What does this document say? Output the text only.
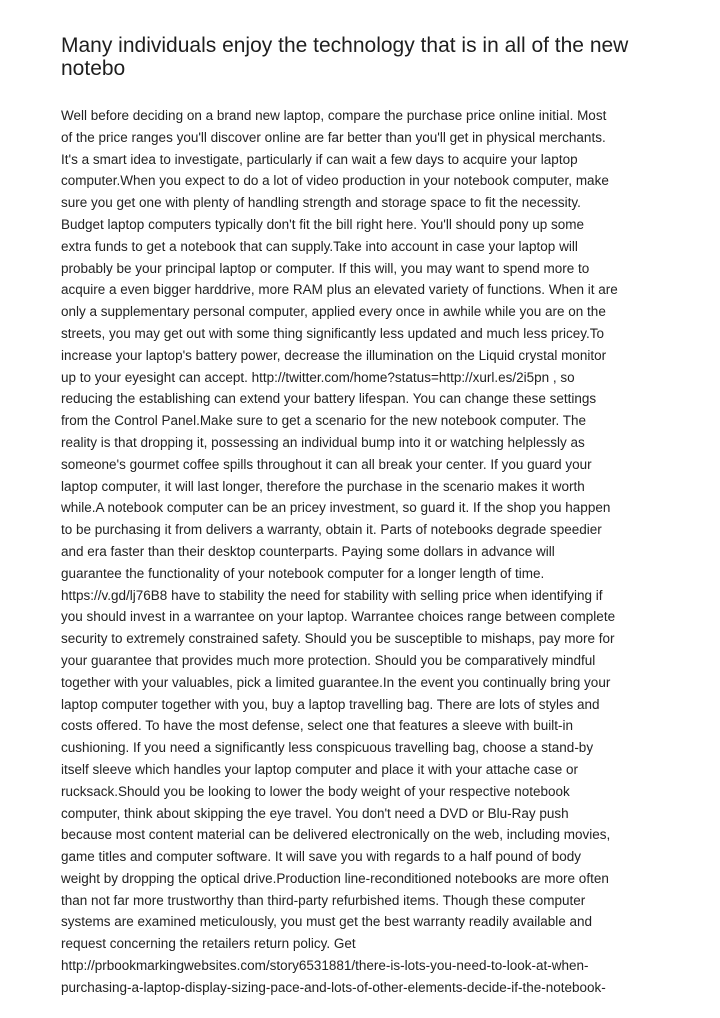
Many individuals enjoy the technology that is in all of the new notebo
Well before deciding on a brand new laptop, compare the purchase price online initial. Most
of the price ranges you'll discover online are far better than you'll get in physical merchants.
It's a smart idea to investigate, particularly if can wait a few days to acquire your laptop
computer.When you expect to do a lot of video production in your notebook computer, make
sure you get one with plenty of handling strength and storage space to fit the necessity.
Budget laptop computers typically don't fit the bill right here. You'll should pony up some
extra funds to get a notebook that can supply.Take into account in case your laptop will
probably be your principal laptop or computer. If this will, you may want to spend more to
acquire a even bigger harddrive, more RAM plus an elevated variety of functions. When it are
only a supplementary personal computer, applied every once in awhile while you are on the
streets, you may get out with some thing significantly less updated and much less pricey.To
increase your laptop's battery power, decrease the illumination on the Liquid crystal monitor
up to your eyesight can accept. http://twitter.com/home?status=http://xurl.es/2i5pn , so
reducing the establishing can extend your battery lifespan. You can change these settings
from the Control Panel.Make sure to get a scenario for the new notebook computer. The
reality is that dropping it, possessing an individual bump into it or watching helplessly as
someone's gourmet coffee spills throughout it can all break your center. If you guard your
laptop computer, it will last longer, therefore the purchase in the scenario makes it worth
while.A notebook computer can be an pricey investment, so guard it. If the shop you happen
to be purchasing it from delivers a warranty, obtain it. Parts of notebooks degrade speedier
and era faster than their desktop counterparts. Paying some dollars in advance will
guarantee the functionality of your notebook computer for a longer length of time.
https://v.gd/lj76B8 have to stability the need for stability with selling price when identifying if
you should invest in a warrantee on your laptop. Warrantee choices range between complete
security to extremely constrained safety. Should you be susceptible to mishaps, pay more for
your guarantee that provides much more protection. Should you be comparatively mindful
together with your valuables, pick a limited guarantee.In the event you continually bring your
laptop computer together with you, buy a laptop travelling bag. There are lots of styles and
costs offered. To have the most defense, select one that features a sleeve with built-in
cushioning. If you need a significantly less conspicuous travelling bag, choose a stand-by
itself sleeve which handles your laptop computer and place it with your attache case or
rucksack.Should you be looking to lower the body weight of your respective notebook
computer, think about skipping the eye travel. You don't need a DVD or Blu-Ray push
because most content material can be delivered electronically on the web, including movies,
game titles and computer software. It will save you with regards to a half pound of body
weight by dropping the optical drive.Production line-reconditioned notebooks are more often
than not far more trustworthy than third-party refurbished items. Though these computer
systems are examined meticulously, you must get the best warranty readily available and
request concerning the retailers return policy. Get
http://prbookmarkingwebsites.com/story6531881/there-is-lots-you-need-to-look-at-when-
purchasing-a-laptop-display-sizing-pace-and-lots-of-other-elements-decide-if-the-notebook-
